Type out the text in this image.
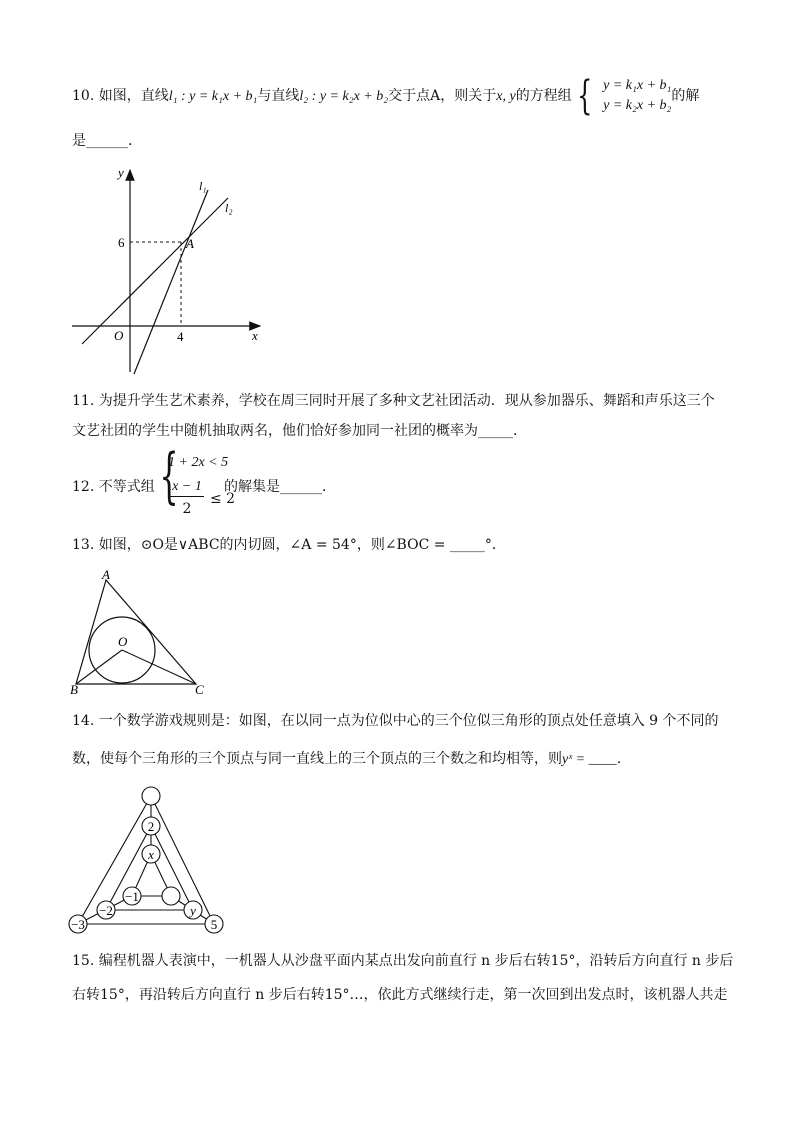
10. 如图，直线l₁ : y = k₁x + b₁与直线l₂ : y = k₂x + b₂交于点A，则关于x, y的方程组 { y = k₁x + b₁
y = k₂x + b₂的解
是______．
y
x
O
6
4
A
l₁
l₂
11. 为提升学生艺术素养，学校在周三同时开展了多种文艺社团活动．现从参加器乐、舞蹈和声乐这三个
文艺社团的学生中随机抽取两名，他们恰好参加同一社团的概率为_____．
12. 不等式组 {
1 + 2x < 5
x − 1
2
≤ 2
的解集是______．
13. 如图，⊙O是∨ABC的内切圆，∠A = 54°，则∠BOC = _____°．
A
B	C
O
14. 一个数学游戏规则是：如图，在以同一点为位似中心的三个位似三角形的顶点处任意填入 9 个不同的
数，使每个三角形的三个顶点与同一直线上的三个顶点的三个数之和均相等，则yˣ = ____．
2
x
−1
−2	y
−3	5
15. 编程机器人表演中，一机器人从沙盘平面内某点出发向前直行 n 步后右转15°，沿转后方向直行 n 步后
右转15°，再沿转后方向直行 n 步后右转15°…，依此方式继续行走，第一次回到出发点时，该机器人共走
